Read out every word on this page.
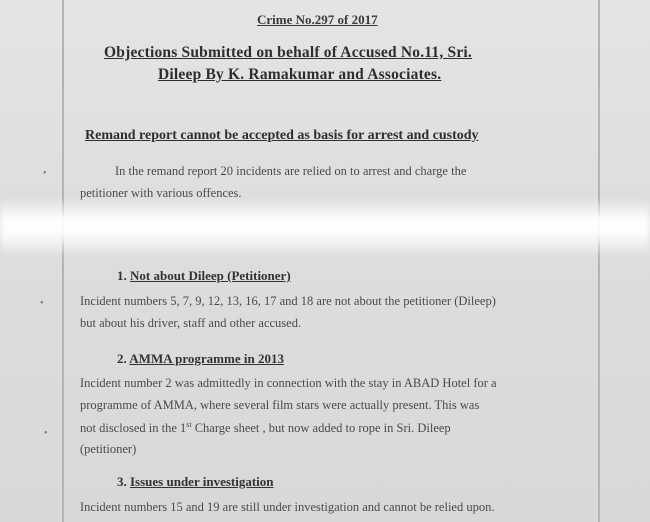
Crime No.297 of 2017
Objections Submitted on behalf of Accused No.11, Sri.
Dileep By K. Ramakumar and Associates.
Remand report cannot be accepted as basis for arrest and custody
In the remand report 20 incidents are relied on to arrest and charge the
petitioner with various offences.
1. Not about Dileep (Petitioner)
Incident numbers 5, 7, 9, 12, 13, 16, 17 and 18 are not about the petitioner (Dileep)
but about his driver, staff and other accused.
2. AMMA programme in 2013
Incident number 2 was admittedly in connection with the stay in ABAD Hotel for a
programme of AMMA, where several film stars were actually present. This was
not disclosed in the 1st Charge sheet , but now added to rope in Sri. Dileep
(petitioner)
3. Issues under investigation
Incident numbers 15 and 19 are still under investigation and cannot be relied upon.
•
•
•
